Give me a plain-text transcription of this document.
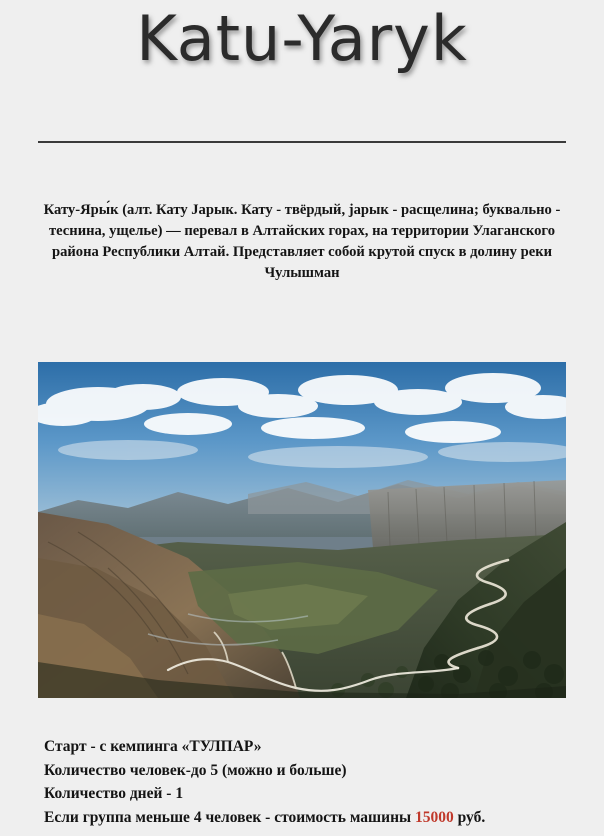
Katu-Yaryk
Кату-Яры́к (алт. Кату Јарык. Кату - твёрдый, јарык - расщелина; буквально - теснина, ущелье) — перевал в Алтайских горах, на территории Улаганского района Республики Алтай. Представляет собой крутой спуск в долину реки Чулышман
Старт - с кемпинга «ТУЛПАР»
Количество человек-до 5 (можно и больше)
Количество дней - 1
Если группа меньше 4 человек - стоимость машины 15000 руб.
